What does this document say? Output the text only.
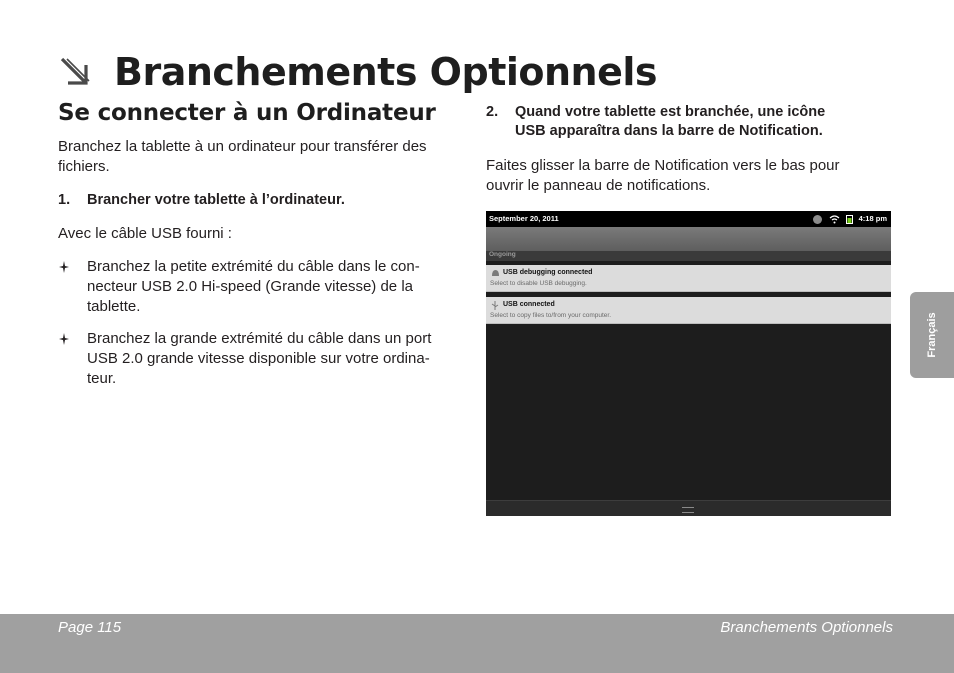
Branchements Optionnels
Se connecter à un Ordinateur
Branchez la tablette à un ordinateur pour transférer des
fichiers.
1. Brancher votre tablette à l’ordinateur.
Avec le câble USB fourni :
Branchez la petite extrémité du câble dans le con-
necteur USB 2.0 Hi-speed (Grande vitesse) de la
tablette.
Branchez la grande extrémité du câble dans un port
USB 2.0 grande vitesse disponible sur votre ordina-
teur.
2. Quand votre tablette est branchée, une icône
USB apparaîtra dans la barre de Notification.
Faites glisser la barre de Notification vers le bas pour
ouvrir le panneau de notifications.
September 20, 2011	4:18 pm
Ongoing
USB debugging connected
Select to disable USB debugging.
USB connected
Select to copy files to/from your computer.	Français
Page 115	Branchements Optionnels
